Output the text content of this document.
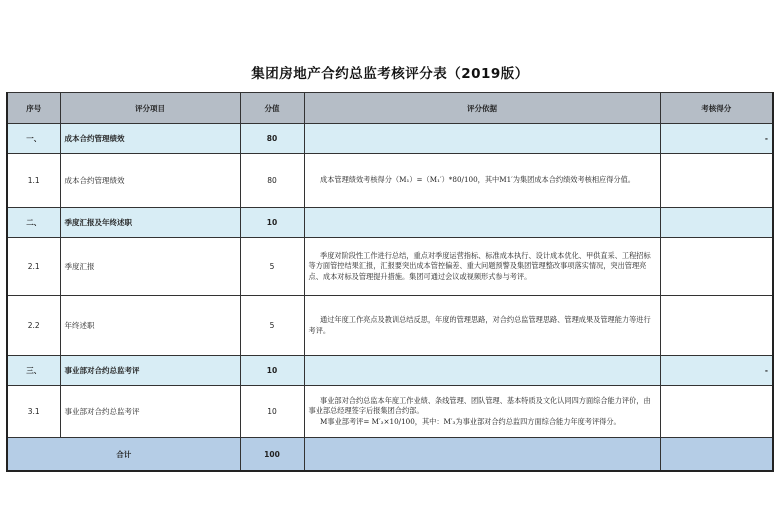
集团房地产合约总监考核评分表（2019版）
序号	评分项目	分值	评分依据	考核得分
一、	成本合约管理绩效	80		-
1.1	成本合约管理绩效	80	成本管理绩效考核得分（M₁）=（M₁′）*80/100，其中M1′为集团成本合约绩效考核相应得分值。	

二、	季度汇报及年终述职	10		
2.1	季度汇报	5	季度对阶段性工作进行总结，重点对季度运营指标、标准成本执行、设计成本优化、甲供直采、工程招标等方面管控结果汇报，汇报要突出成本管控偏差、重大问题预警及集团管理整改事项落实情况，突出管理亮点、成本对标及管理提升措施。集团可通过会议或视频形式参与考评。	

2.2	年终述职	5	通过年度工作亮点及教训总结反思，年度的管理思路，对合约总监管理思路、管理成果及管理能力等进行考评。	

三、	事业部对合约总监考评	10		-
3.1	事业部对合约总监考评	10	事业部对合约总监本年度工作业绩、条线管理、团队管理、基本特质及文化认同四方面综合能力评价，由事业部总经理签字后报集团合约部。

M事业部考评= M′₃×10/100，其中：M′₃为事业部对合约总监四方面综合能力年度考评得分。	

合计		100		
